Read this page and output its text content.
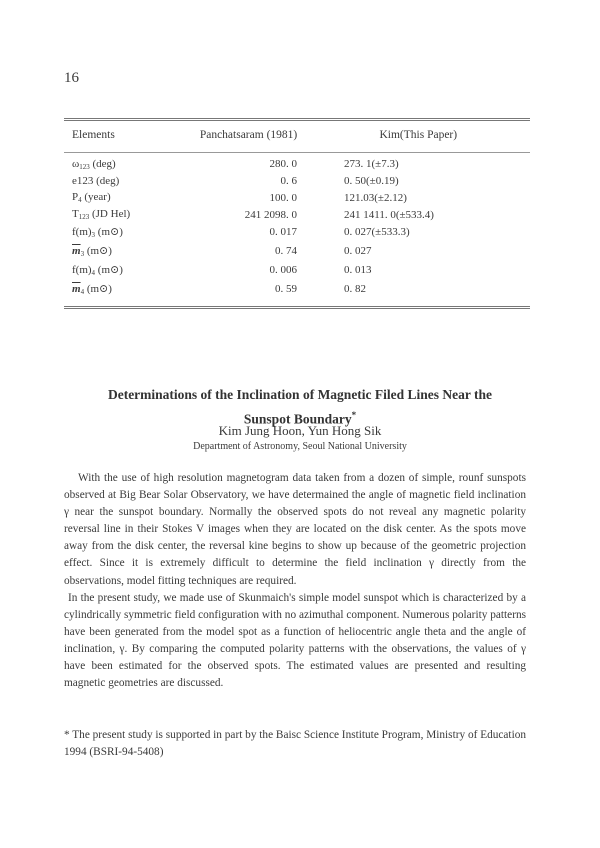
16
Elements	Panchatsaram (1981)	Kim(This Paper)
$\omega_{123}$ (deg)	280. 0	273. 1(±7.3)
e123 (deg)	0. 6	0. 50(±0.19)
$P_4$ (year)	100. 0	121.03(±2.12)
$T_{123}$ (JD Hel)	241 2098. 0	241 1411. 0(±533.4)
$f(m)_3$ (m⊙)	0. 017	0. 027(±533.3)
$\overline{m}_3$ (m⊙)	0. 74	0. 027
$f(m)_4$ (m⊙)	0. 006	0. 013
$\overline{m}_4$ (m⊙)	0. 59	0. 82
Determinations of the Inclination of Magnetic Filed Lines Near the
Sunspot Boundary*
Kim Jung Hoon, Yun Hong Sik
Department of Astronomy, Seoul National University

With the use of high resolution magnetogram data taken from a dozen of simple, rounf sunspots observed at Big Bear Solar Observatory, we have determained the angle of magnetic field inclination γ near the sunspot boundary. Normally the observed spots do not reveal any magnetic polarity reversal line in their Stokes V images when they are located on the disk center. As the spots move away from the disk center, the reversal kine begins to show up because of the geometric projection effect. Since it is extremely difficult to determine the field inclination γ directly from the observations, model fitting techniques are required.

In the present study, we made use of Skunmaich's simple model sunspot which is characterized by a cylindrically symmetric field configuration with no azimuthal component. Numerous polarity patterns have been generated from the model spot as a function of heliocentric angle theta and the angle of inclination, γ. By comparing the computed polarity patterns with the observations, the values of γ have been estimated for the observed spots. The estimated values are presented and resulting magnetic geometries are discussed.

* The present study is supported in part by the Baisc Science Institute Program, Ministry of Education 1994 (BSRI-94-5408)
